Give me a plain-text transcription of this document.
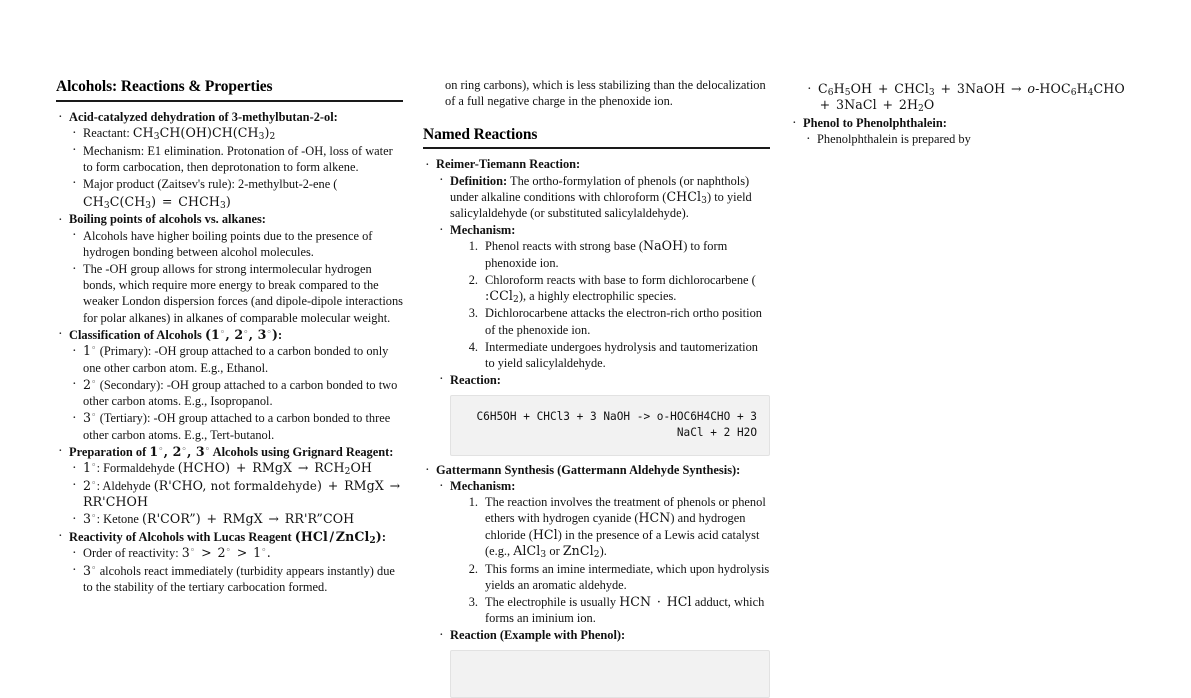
Alcohols: Reactions & Properties
· Acid-catalyzed dehydration of 3-methylbutan-2-ol:
· Reactant: $CH_3CH(OH)CH(CH_3)_2$
· Mechanism: E1 elimination. Protonation of -OH, loss of water to form carbocation, then deprotonation to form alkene.
· Major product (Zaitsev's rule): 2-methylbut-2-ene (
$CH_3C(CH_3)$ = $CHCH_3$)
· Boiling points of alcohols vs. alkanes:
· Alcohols have higher boiling points due to the presence of hydrogen bonding between alcohol molecules.
· The -OH group allows for strong intermolecular hydrogen bonds, which require more energy to break compared to the weaker London dispersion forces (and dipole-dipole interactions for polar alkanes) in alkanes of comparable molecular weight.
· Classification of Alcohols (1◦, 2◦, 3◦):
· 1◦ (Primary): -OH group attached to a carbon bonded to only one other carbon atom. E.g., Ethanol.
· 2◦ (Secondary): -OH group attached to a carbon bonded to two other carbon atoms. E.g., Isopropanol.
· 3◦ (Tertiary): -OH group attached to a carbon bonded to three other carbon atoms. E.g., Tert-butanol.
· Preparation of 1◦, 2◦, 3◦ Alcohols using Grignard Reagent:
· 1◦: Formaldehyde (HCHO) + RMgX → $RCH_2OH$
· 2◦: Aldehyde (R'CHO, not formaldehyde) + RMgX → RR'CHOH
· 3◦: Ketone (R'COR”) + RMgX → RR'R”COH
· Reactivity of Alcohols with Lucas Reagent (HCl / ZnCl$_2$):
· Order of reactivity: 3◦ > 2◦ > 1◦.
· 3◦ alcohols react immediately (turbidity appears instantly) due to the stability of the tertiary carbocation formed.
on ring carbons), which is less stabilizing than the delocalization of a full negative charge in the phenoxide ion.
Named Reactions
· Reimer-Tiemann Reaction:
· Definition: The ortho-formylation of phenols (or naphthols) under alkaline conditions with chloroform (CHCl$_3$) to yield salicylaldehyde (or substituted salicylaldehyde).
· Mechanism:
Phenol reacts with strong base (NaOH) to form phenoxide ion.
Chloroform reacts with base to form dichlorocarbene ( :CCl$_2$), a highly electrophilic species.
Dichlorocarbene attacks the electron-rich ortho position of the phenoxide ion.
Intermediate undergoes hydrolysis and tautomerization to yield salicylaldehyde.
· Reaction:
C6H5OH + CHCl3 + 3 NaOH -> o-HOC6H4CHO + 3 NaCl + 2 H2O
· Gattermann Synthesis (Gattermann Aldehyde Synthesis):
· Mechanism:
The reaction involves the treatment of phenols or phenol ethers with hydrogen cyanide (HCN) and hydrogen chloride (HCl) in the presence of a Lewis acid catalyst (e.g., AlCl$_3$ or ZnCl$_2$).
This forms an imine intermediate, which upon hydrolysis yields an aromatic aldehyde.
The electrophile is usually HCN · HCl adduct, which forms an iminium ion.
· Reaction (Example with Phenol):
· $C_6H_5OH$ + CHCl$_3$ + 3NaOH → $o-HOC_6H_4CHO$ + 3NaCl + $2H_2O$
· Phenol to Phenolphthalein:
· Phenolphthalein is prepared by
